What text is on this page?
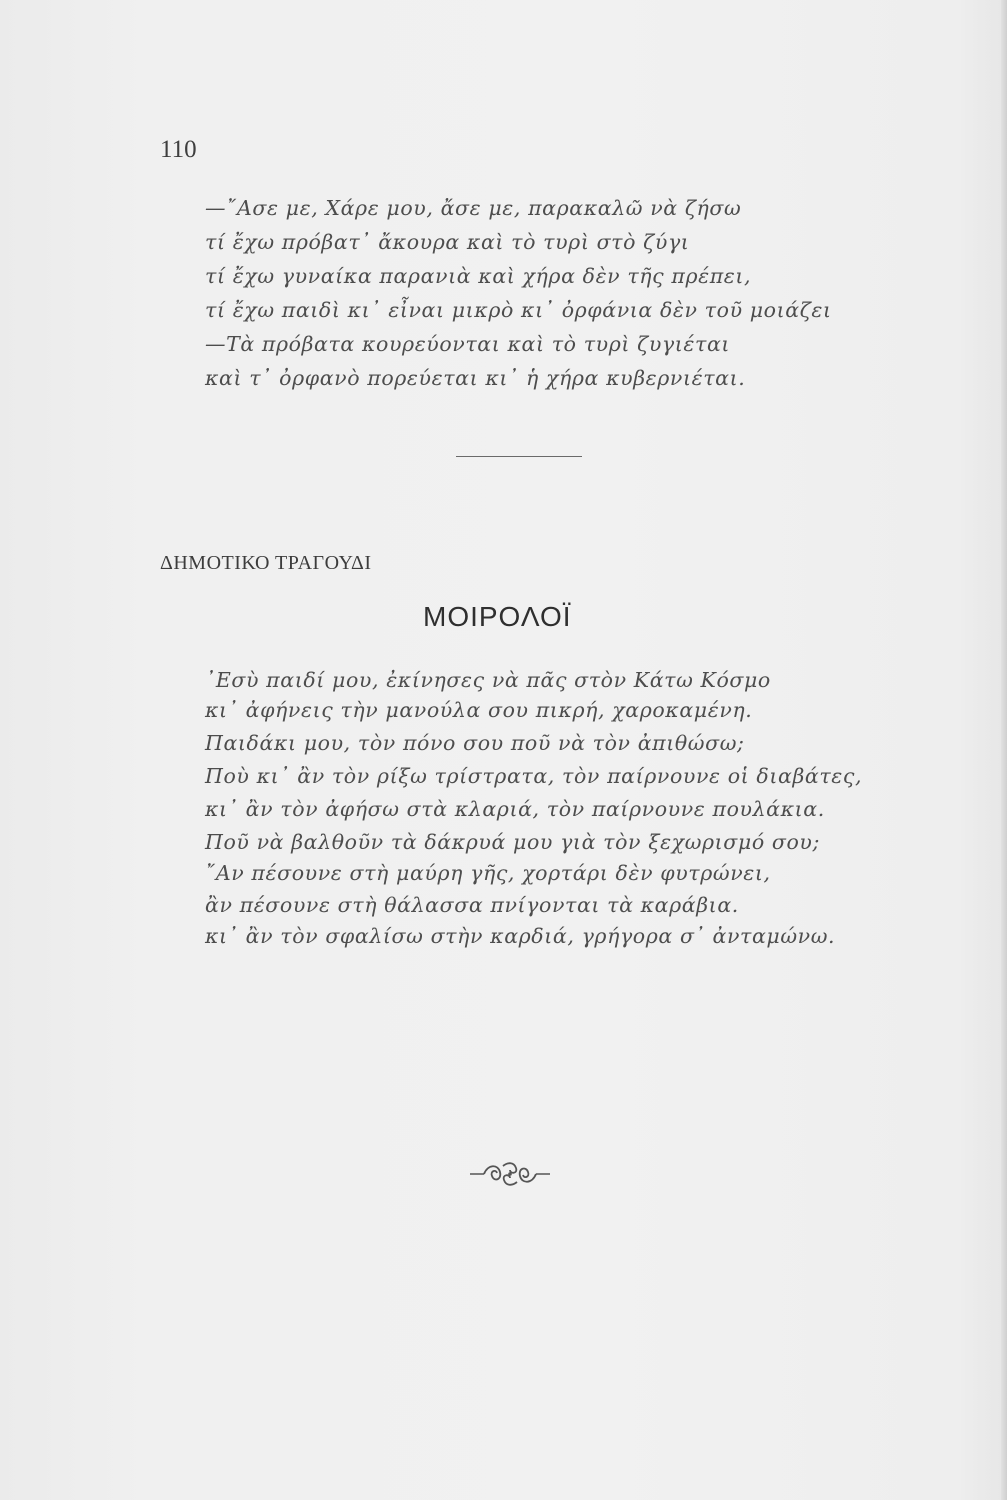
110
—῎Ασε με, Χάρε μου, ἄσε με, παρακαλῶ νὰ ζήσω
τί ἔχω πρόβατ᾽ ἄκουρα καὶ τὸ τυρὶ στὸ ζύγι
τί ἔχω γυναίκα παρανιὰ καὶ χήρα δὲν τῆς πρέπει,
τί ἔχω παιδὶ κι᾽ εἶναι μικρὸ κι᾽ ὀρφάνια δὲν τοῦ μοιάζει
—Τὰ πρόβατα κουρεύονται καὶ τὸ τυρὶ ζυγιέται
καὶ τ᾽ ὀρφανὸ πορεύεται κι᾽ ἡ χήρα κυβερνιέται.
ΔΗΜΟΤΙΚΟ ΤΡΑΓΟΥΔΙ
ΜΟΙΡΟΛΟΪ
᾽Εσὺ παιδί μου, ἐκίνησες νὰ πᾶς στὸν Κάτω Κόσμο
κι᾽ ἀφήνεις τὴν μανούλα σου πικρή, χαροκαμένη.
Παιδάκι μου, τὸν πόνο σου ποῦ νὰ τὸν ἀπιθώσω;
Ποὺ κι᾽ ἂν τὸν ρίξω τρίστρατα, τὸν παίρνουνε οἱ διαβάτες,
κι᾽ ἂν τὸν ἀφήσω στὰ κλαριά, τὸν παίρνουνε πουλάκια.
Ποῦ νὰ βαλθοῦν τὰ δάκρυά μου γιὰ τὸν ξεχωρισμό σου;
῎Αν πέσουνε στὴ μαύρη γῆς, χορτάρι δὲν φυτρώνει,
ἂν πέσουνε στὴ θάλασσα πνίγονται τὰ καράβια.
κι᾽ ἂν τὸν σφαλίσω στὴν καρδιά, γρήγορα σ᾽ ἀνταμώνω.
